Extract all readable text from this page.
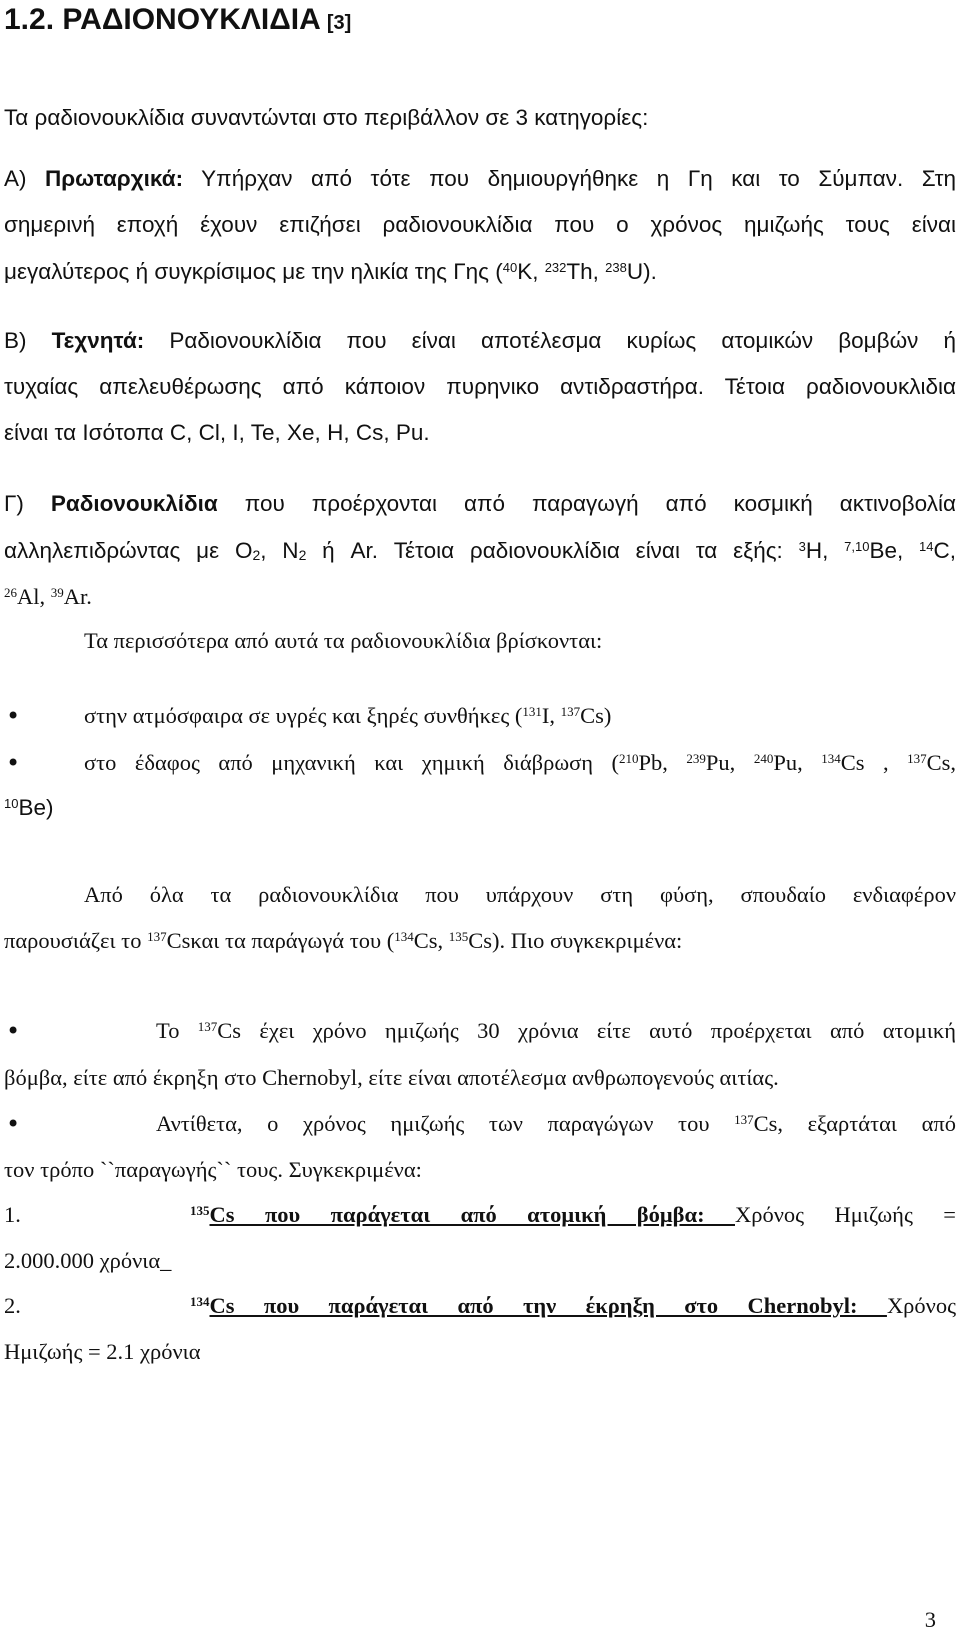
1.2. ΡΑΔΙΟΝΟΥΚΛΙΔΙΑ [3]
Τα ραδιονουκλίδια συναντώνται στο περιβάλλον σε 3 κατηγορίες:
Α) Πρωταρχικά: Υπήρχαν από τότε που δημιουργήθηκε η Γη και το Σύμπαν. Στη
σημερινή εποχή έχουν επιζήσει ραδιονουκλίδια που ο χρόνος ημιζωής τους είναι
μεγαλύτερος ή συγκρίσιμος με την ηλικία της Γης ($^{40}$K, $^{232}$Th, $^{238}$U).
Β) Τεχνητά: Ραδιονουκλίδια που είναι αποτέλεσμα κυρίως ατομικών βομβών ή
τυχαίας απελευθέρωσης από κάποιον πυρηνικο αντιδραστήρα. Τέτοια ραδιονουκλιδια
είναι τα Ισότοπα C, Cl, I, Te, Xe, H, Cs, Pu.
Γ) Ραδιονουκλίδια που προέρχονται από παραγωγή από κοσμική ακτινοβολία
αλληλεπιδρώντας με $O_2$, $N_2$ ή Ar. Τέτοια ραδιονουκλίδια είναι τα εξής: $^3$H, $^{7,10}$Be, $^{14}$C,
$^{26}$Al, $^{39}$Ar.
Τα περισσότερα από αυτά τα ραδιονουκλίδια βρίσκονται:
•	στην ατμόσφαιρα σε υγρές και ξηρές συνθήκες ($^{131}$I, $^{137}$Cs)
•	στο έδαφος από μηχανική και χημική διάβρωση ($^{210}$Pb, $^{239}$Pu, $^{240}$Pu, $^{134}$Cs , $^{137}$Cs,
$^{10}$Be)
Από όλα τα ραδιονουκλίδια που υπάρχουν στη φύση, σπουδαίο ενδιαφέρον
παρουσιάζει το $^{137}$Csκαι τα παράγωγά του ($^{134}$Cs, $^{135}$Cs). Πιο συγκεκριμένα:
•	Το $^{137}$Cs έχει χρόνο ημιζωής 30 χρόνια είτε αυτό προέρχεται από ατομική
βόμβα, είτε από έκρηξη στο Chernobyl, είτε είναι αποτέλεσμα ανθρωπογενούς αιτίας.
•	Αντίθετα, ο χρόνος ημιζωής των παραγώγων του $^{137}$Cs, εξαρτάται από
τον τρόπο ``παραγωγής`` τους. Συγκεκριμένα:
1.	$^{135}$Cs που παράγεται από ατομική βόμβα: Χρόνος Ημιζωής =
2.000.000 χρόνια_
2.	$^{134}$Cs που παράγεται από την έκρηξη στο Chernobyl: Χρόνος
Ημιζωής = 2.1 χρόνια
3
